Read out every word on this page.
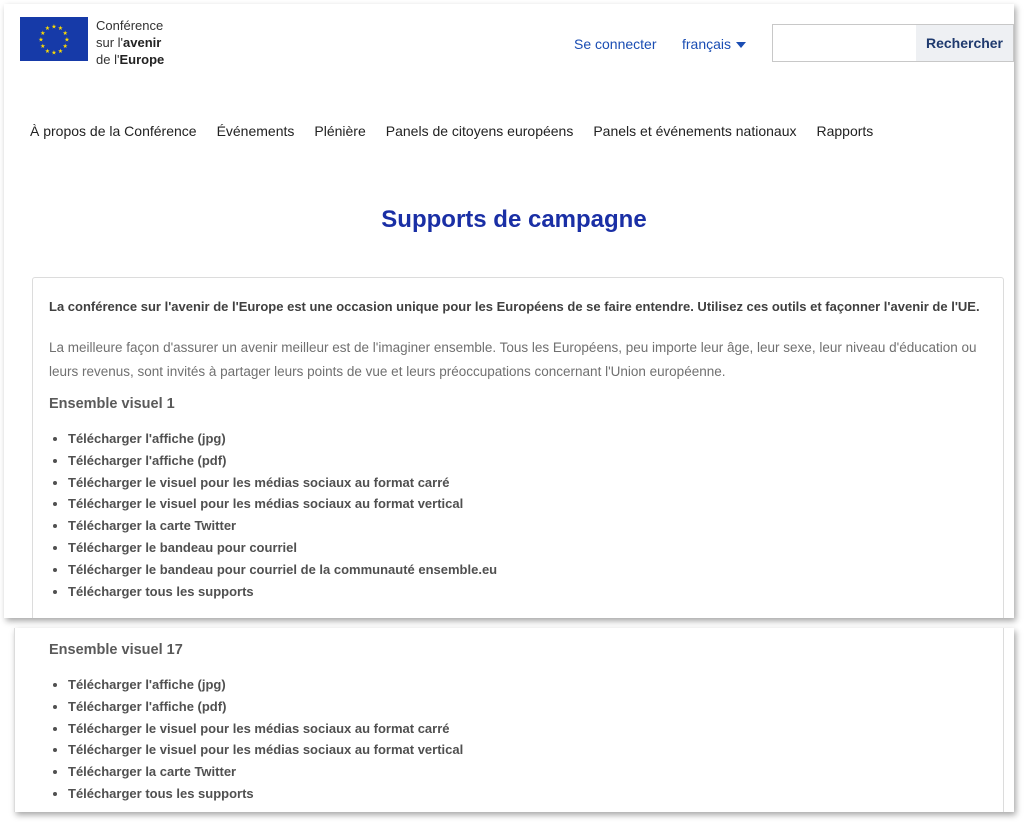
★ ★
★
★
★
★
★
★
★
★
★
★	Conférence
sur l'avenir
de l'Europe
Se connecter français	Rechercher
À propos de la Conférence Événements Plénière Panels de citoyens européens Panels et événements nationaux Rapports
Supports de campagne
La conférence sur l'avenir de l'Europe est une occasion unique pour les Européens de se faire entendre. Utilisez ces outils et façonner l'avenir de l'UE.
La meilleure façon d'assurer un avenir meilleur est de l'imaginer ensemble. Tous les Européens, peu importe leur âge, leur sexe, leur niveau d'éducation ou leurs revenus, sont invités à partager leurs points de vue et leurs préoccupations concernant l'Union européenne.
Ensemble visuel 1
• Télécharger l'affiche (jpg)
• Télécharger l'affiche (pdf)
• Télécharger le visuel pour les médias sociaux au format carré
• Télécharger le visuel pour les médias sociaux au format vertical
• Télécharger la carte Twitter
• Télécharger le bandeau pour courriel
• Télécharger le bandeau pour courriel de la communauté ensemble.eu
• Télécharger tous les supports
Ensemble visuel 17
• Télécharger l'affiche (jpg)
• Télécharger l'affiche (pdf)
• Télécharger le visuel pour les médias sociaux au format carré
• Télécharger le visuel pour les médias sociaux au format vertical
• Télécharger la carte Twitter
• Télécharger tous les supports
